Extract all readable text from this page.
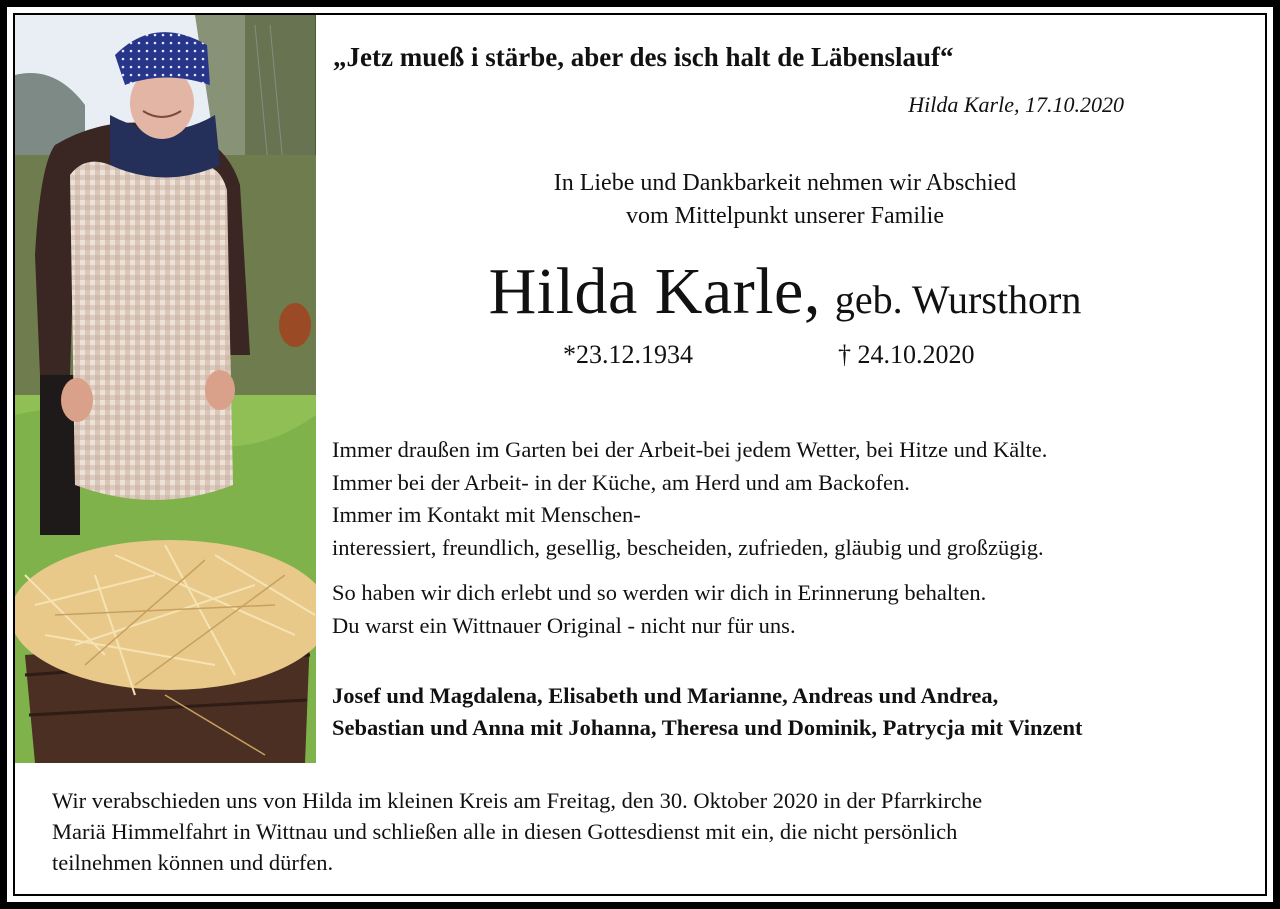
„Jetz mueß i stärbe, aber des isch halt de Läbenslauf“

Hilda Karle, 17.10.2020

In Liebe und Dankbarkeit nehmen wir Abschied
vom Mittelpunkt unserer Familie

Hilda Karle, geb. Wursthorn

*23.12.1934	† 24.10.2020

Immer draußen im Garten bei der Arbeit-bei jedem Wetter, bei Hitze und Kälte.
Immer bei der Arbeit- in der Küche, am Herd und am Backofen.
Immer im Kontakt mit Menschen-
interessiert, freundlich, gesellig, bescheiden, zufrieden, gläubig und großzügig.

So haben wir dich erlebt und so werden wir dich in Erinnerung behalten.
Du warst ein Wittnauer Original - nicht nur für uns.

Josef und Magdalena, Elisabeth und Marianne, Andreas und Andrea,
Sebastian und Anna mit Johanna, Theresa und Dominik, Patrycja mit Vinzent

Wir verabschieden uns von Hilda im kleinen Kreis am Freitag, den 30. Oktober 2020 in der Pfarrkirche
Mariä Himmelfahrt in Wittnau und schließen alle in diesen Gottesdienst mit ein, die nicht persönlich
teilnehmen können und dürfen.
